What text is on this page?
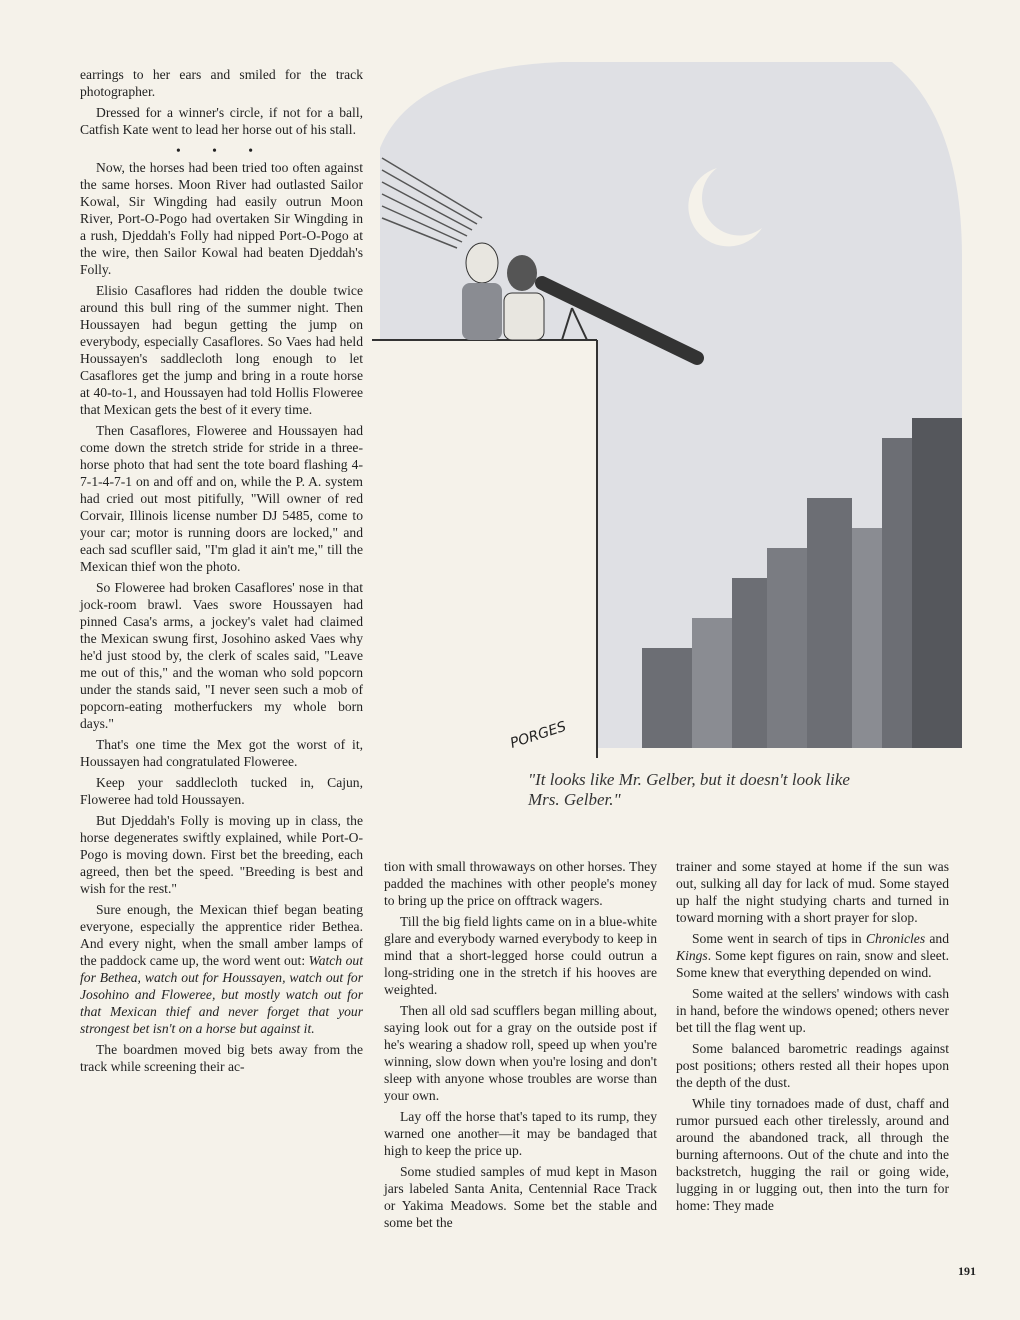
earrings to her ears and smiled for the track photographer.

Dressed for a winner's circle, if not for a ball, Catfish Kate went to lead her horse out of his stall.

• • •

Now, the horses had been tried too often against the same horses. Moon River had outlasted Sailor Kowal, Sir Wingding had easily outrun Moon River, Port-O-Pogo had overtaken Sir Wingding in a rush, Djeddah's Folly had nipped Port-O-Pogo at the wire, then Sailor Kowal had beaten Djeddah's Folly.

Elisio Casaflores had ridden the double twice around this bull ring of the summer night. Then Houssayen had begun getting the jump on everybody, especially Casaflores. So Vaes had held Houssayen's saddlecloth long enough to let Casaflores get the jump and bring in a route horse at 40-to-1, and Houssayen had told Hollis Floweree that Mexican gets the best of it every time.

Then Casaflores, Floweree and Houssayen had come down the stretch stride for stride in a three-horse photo that had sent the tote board flashing 4-7-1-4-7-1 on and off and on, while the P. A. system had cried out most pitifully, "Will owner of red Corvair, Illinois license number DJ 5485, come to your car; motor is running doors are locked," and each sad scufller said, "I'm glad it ain't me," till the Mexican thief won the photo.

So Floweree had broken Casaflores' nose in that jock-room brawl. Vaes swore Houssayen had pinned Casa's arms, a jockey's valet had claimed the Mexican swung first, Josohino asked Vaes why he'd just stood by, the clerk of scales said, "Leave me out of this," and the woman who sold popcorn under the stands said, "I never seen such a mob of popcorn-eating motherfuckers my whole born days."

That's one time the Mex got the worst of it, Houssayen had congratulated Floweree.

Keep your saddlecloth tucked in, Cajun, Floweree had told Houssayen.

But Djeddah's Folly is moving up in class, the horse degenerates swiftly explained, while Port-O-Pogo is moving down. First bet the breeding, each agreed, then bet the speed. "Breeding is best and wish for the rest."

Sure enough, the Mexican thief began beating everyone, especially the apprentice rider Bethea. And every night, when the small amber lamps of the paddock came up, the word went out: Watch out for Bethea, watch out for Houssayen, watch out for Josohino and Floweree, but mostly watch out for that Mexican thief and never forget that your strongest bet isn't on a horse but against it.

The boardmen moved big bets away from the track while screening their ac-

PORGES
"It looks like Mr. Gelber, but it doesn't look like Mrs. Gelber."

tion with small throwaways on other horses. They padded the machines with other people's money to bring up the price on offtrack wagers.

Till the big field lights came on in a blue-white glare and everybody warned everybody to keep in mind that a short-legged horse could outrun a long-striding one in the stretch if his hooves are weighted.

Then all old sad scufflers began milling about, saying look out for a gray on the outside post if he's wearing a shadow roll, speed up when you're winning, slow down when you're losing and don't sleep with anyone whose troubles are worse than your own.

Lay off the horse that's taped to its rump, they warned one another—it may be bandaged that high to keep the price up.

Some studied samples of mud kept in Mason jars labeled Santa Anita, Centennial Race Track or Yakima Meadows. Some bet the stable and some bet the

trainer and some stayed at home if the sun was out, sulking all day for lack of mud. Some stayed up half the night studying charts and turned in toward morning with a short prayer for slop.

Some went in search of tips in Chronicles and Kings. Some kept figures on rain, snow and sleet. Some knew that everything depended on wind.

Some waited at the sellers' windows with cash in hand, before the windows opened; others never bet till the flag went up.

Some balanced barometric readings against post positions; others rested all their hopes upon the depth of the dust.

While tiny tornadoes made of dust, chaff and rumor pursued each other tirelessly, around and around the abandoned track, all through the burning afternoons. Out of the chute and into the backstretch, hugging the rail or going wide, lugging in or lugging out, then into the turn for home: They made

191
